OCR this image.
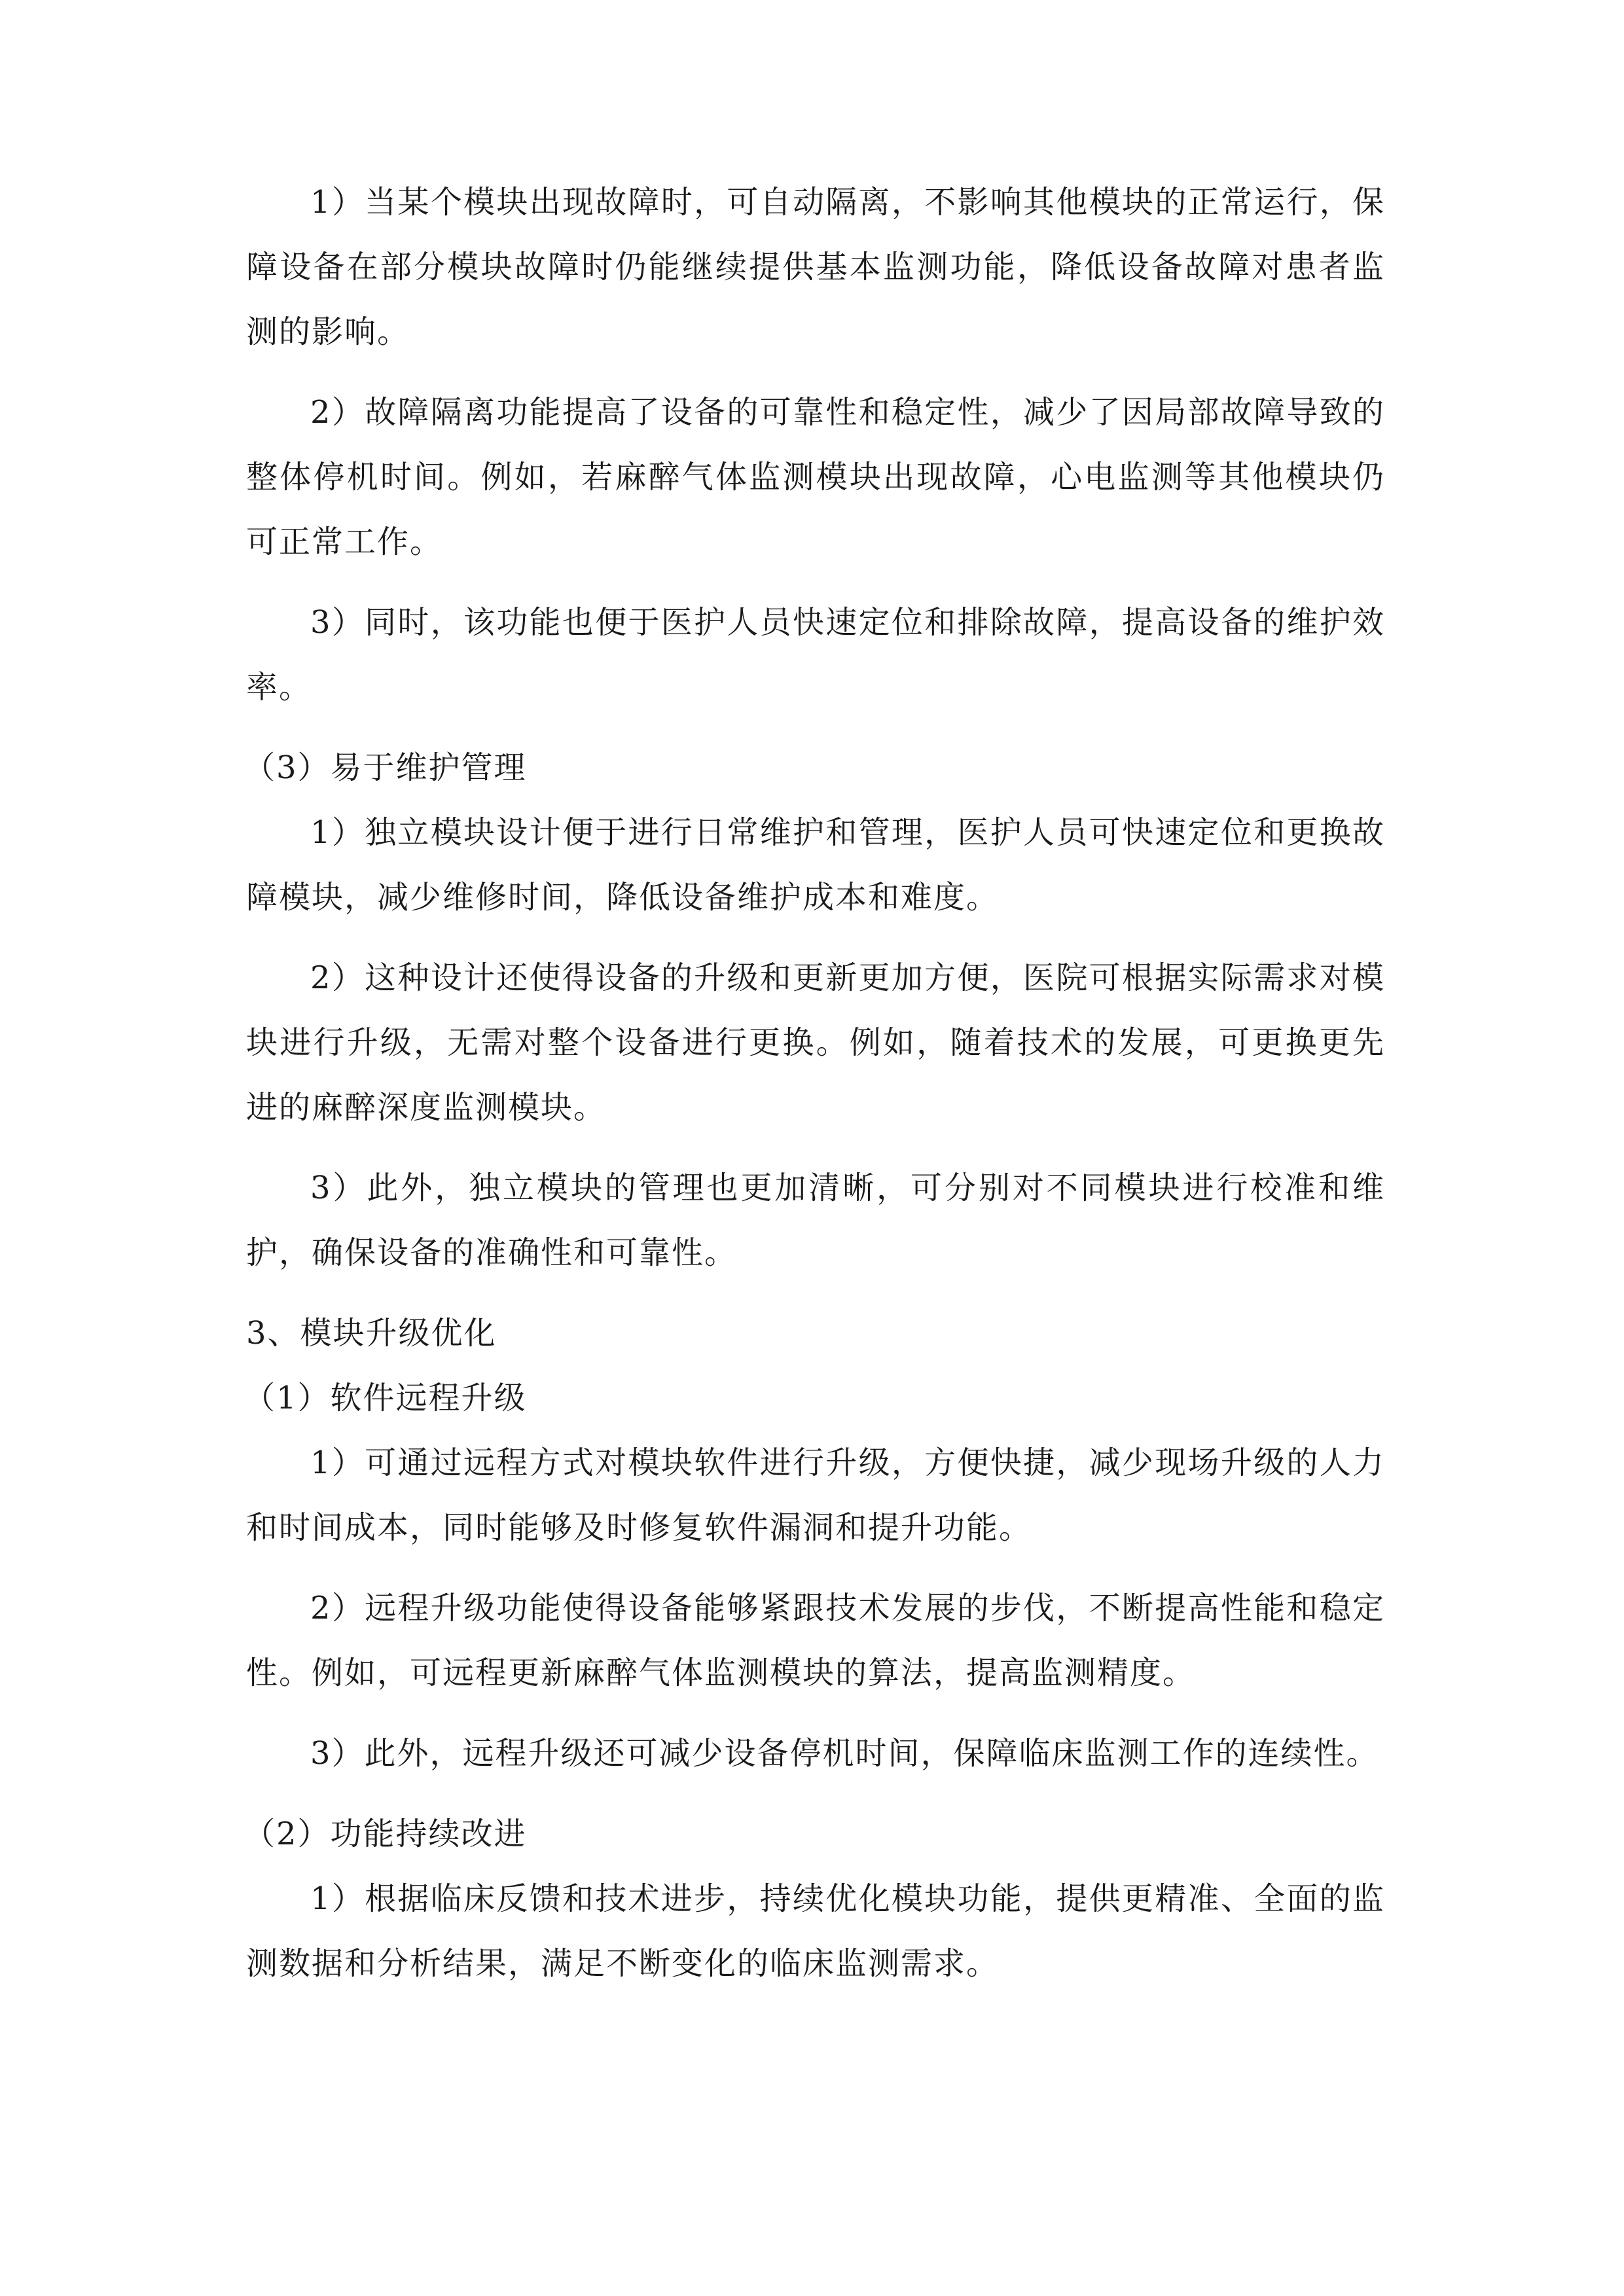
1）当某个模块出现故障时，可自动隔离，不影响其他模块的正常运行，保障设备在部分模块故障时仍能继续提供基本监测功能，降低设备故障对患者监测的影响。

2）故障隔离功能提高了设备的可靠性和稳定性，减少了因局部故障导致的整体停机时间。例如，若麻醉气体监测模块出现故障，心电监测等其他模块仍可正常工作。

3）同时，该功能也便于医护人员快速定位和排除故障，提高设备的维护效率。

（3）易于维护管理

1）独立模块设计便于进行日常维护和管理，医护人员可快速定位和更换故障模块，减少维修时间，降低设备维护成本和难度。

2）这种设计还使得设备的升级和更新更加方便，医院可根据实际需求对模块进行升级，无需对整个设备进行更换。例如，随着技术的发展，可更换更先进的麻醉深度监测模块。

3）此外，独立模块的管理也更加清晰，可分别对不同模块进行校准和维护，确保设备的准确性和可靠性。

3、模块升级优化

（1）软件远程升级

1）可通过远程方式对模块软件进行升级，方便快捷，减少现场升级的人力和时间成本，同时能够及时修复软件漏洞和提升功能。

2）远程升级功能使得设备能够紧跟技术发展的步伐，不断提高性能和稳定性。例如，可远程更新麻醉气体监测模块的算法，提高监测精度。

3）此外，远程升级还可减少设备停机时间，保障临床监测工作的连续性。

（2）功能持续改进

1）根据临床反馈和技术进步，持续优化模块功能，提供更精准、全面的监测数据和分析结果，满足不断变化的临床监测需求。
